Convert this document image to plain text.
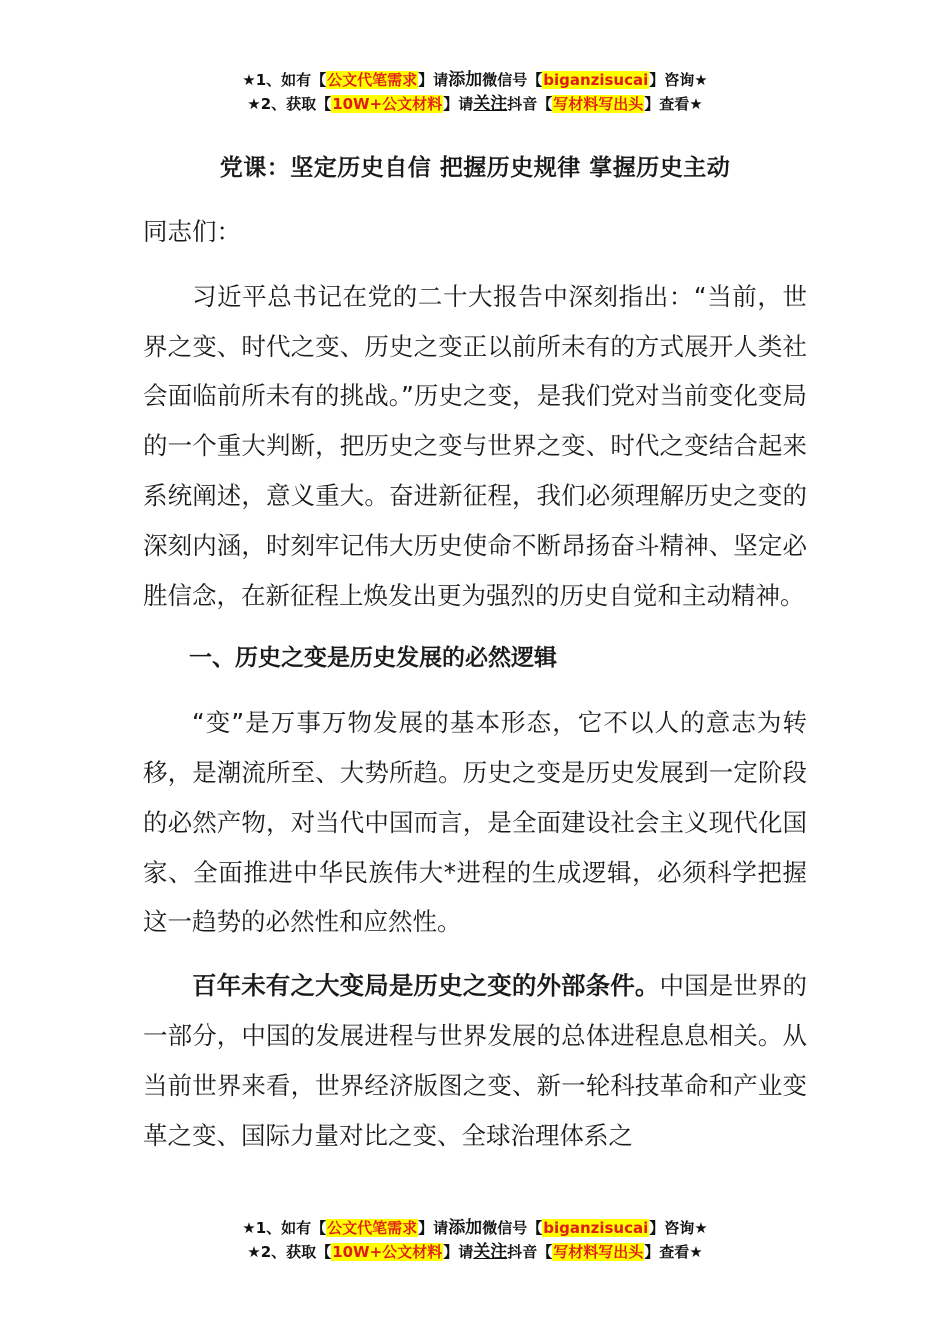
★1、如有【公文代笔需求】请添加微信号【biganzisucai】咨询★
★2、获取【10W+公文材料】请关注抖音【写材料写出头】查看★
党课：坚定历史自信 把握历史规律 掌握历史主动

同志们：

习近平总书记在党的二十大报告中深刻指出：“当前，世界之变、时代之变、历史之变正以前所未有的方式展开人类社会面临前所未有的挑战。”历史之变，是我们党对当前变化变局的一个重大判断，把历史之变与世界之变、时代之变结合起来系统阐述，意义重大。奋进新征程，我们必须理解历史之变的深刻内涵，时刻牢记伟大历史使命不断昂扬奋斗精神、坚定必胜信念，在新征程上焕发出更为强烈的历史自觉和主动精神。

一、历史之变是历史发展的必然逻辑

“变”是万事万物发展的基本形态，它不以人的意志为转移，是潮流所至、大势所趋。历史之变是历史发展到一定阶段的必然产物，对当代中国而言，是全面建设社会主义现代化国家、全面推进中华民族伟大*进程的生成逻辑，必须科学把握这一趋势的必然性和应然性。

百年未有之大变局是历史之变的外部条件。中国是世界的一部分，中国的发展进程与世界发展的总体进程息息相关。从当前世界来看，世界经济版图之变、新一轮科技革命和产业变革之变、国际力量对比之变、全球治理体系之

★1、如有【公文代笔需求】请添加微信号【biganzisucai】咨询★
★2、获取【10W+公文材料】请关注抖音【写材料写出头】查看★
